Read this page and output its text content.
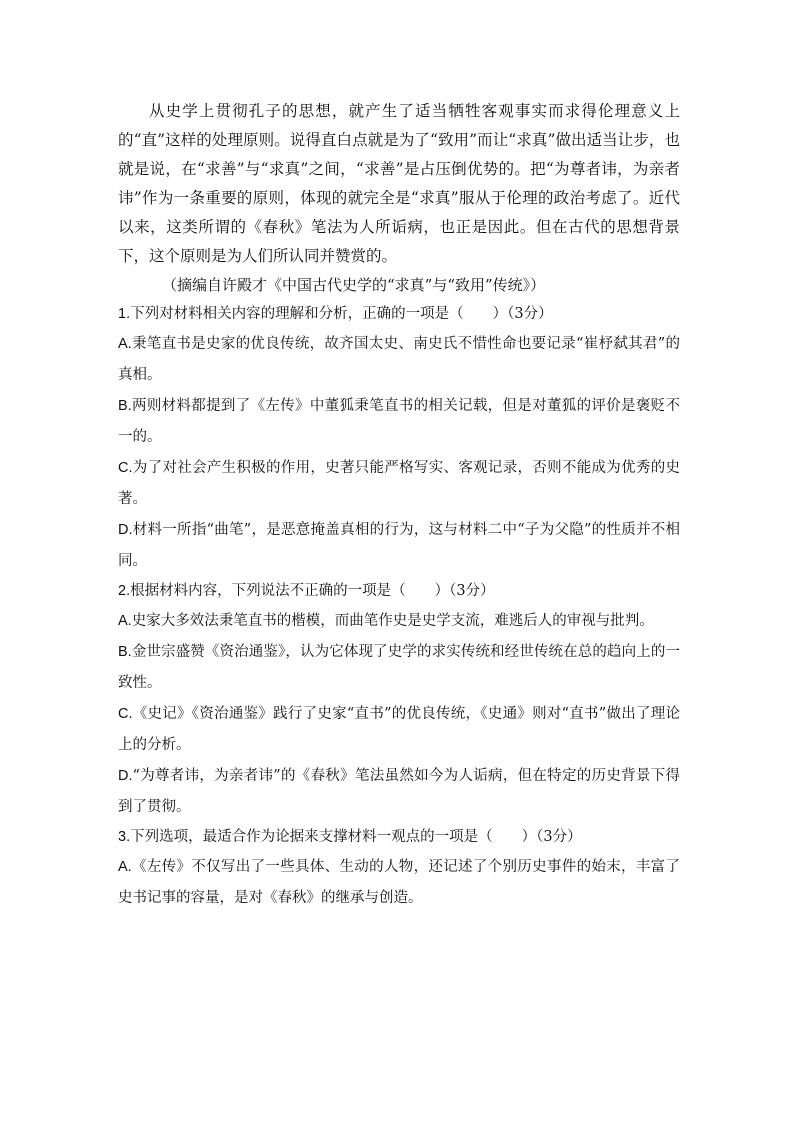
从史学上贯彻孔子的思想，就产生了适当牺牲客观事实而求得伦理意义上的“直”这样的处理原则。说得直白点就是为了“致用”而让“求真”做出适当让步，也就是说，在“求善”与“求真”之间，“求善”是占压倒优势的。把“为尊者讳，为亲者讳”作为一条重要的原则，体现的就完全是“求真”服从于伦理的政治考虑了。近代以来，这类所谓的《春秋》笔法为人所诟病，也正是因此。但在古代的思想背景下，这个原则是为人们所认同并赞赏的。

（摘编自许殿才《中国古代史学的“求真”与“致用”传统》）

1.下列对材料相关内容的理解和分析，正确的一项是（　　）（3分）

A.秉笔直书是史家的优良传统，故齐国太史、南史氏不惜性命也要记录“崔杼弑其君”的真相。

B.两则材料都提到了《左传》中董狐秉笔直书的相关记载，但是对董狐的评价是褒贬不一的。

C.为了对社会产生积极的作用，史著只能严格写实、客观记录，否则不能成为优秀的史著。

D.材料一所指“曲笔”，是恶意掩盖真相的行为，这与材料二中“子为父隐”的性质并不相同。

2.根据材料内容，下列说法不正确的一项是（　　）（3分）

A.史家大多效法秉笔直书的楷模，而曲笔作史是史学支流，难逃后人的审视与批判。

B.金世宗盛赞《资治通鉴》，认为它体现了史学的求实传统和经世传统在总的趋向上的一致性。

C.《史记》《资治通鉴》践行了史家“直书”的优良传统，《史通》则对“直书”做出了理论上的分析。

D.“为尊者讳，为亲者讳”的《春秋》笔法虽然如今为人诟病，但在特定的历史背景下得到了贯彻。

3.下列选项，最适合作为论据来支撑材料一观点的一项是（　　）（3分）

A.《左传》不仅写出了一些具体、生动的人物，还记述了个别历史事件的始末，丰富了史书记事的容量，是对《春秋》的继承与创造。
